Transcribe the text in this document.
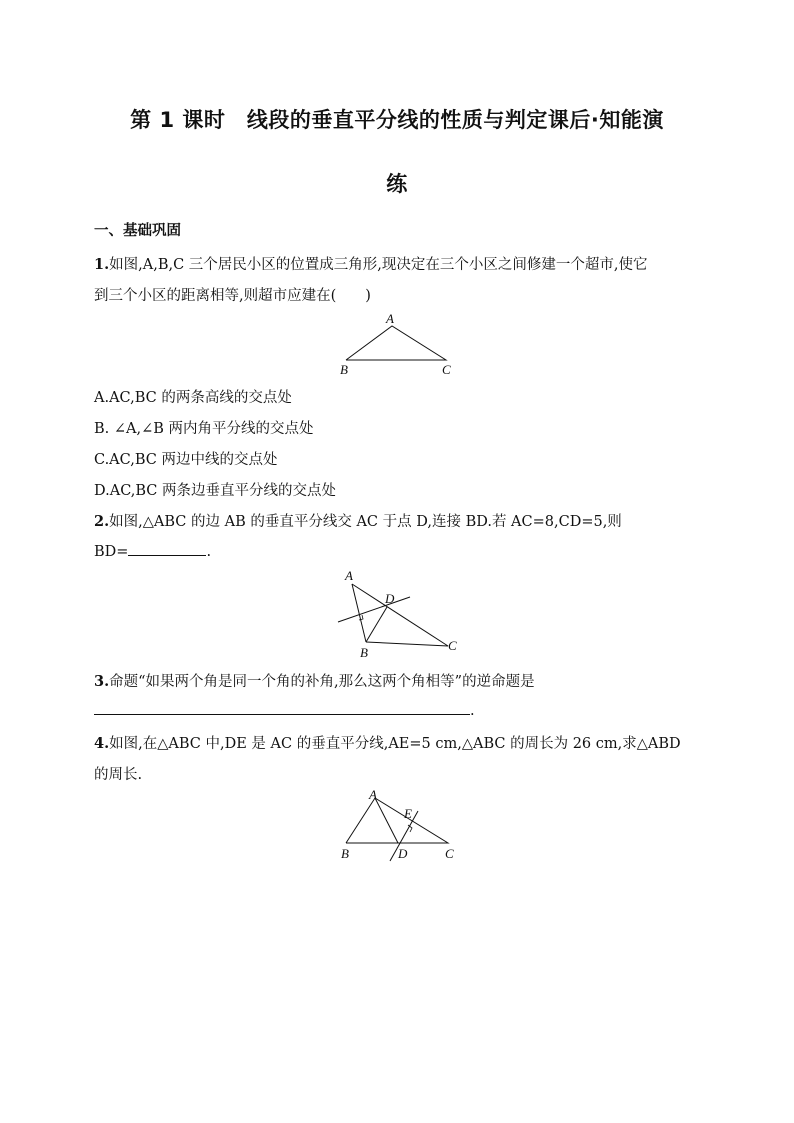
第 1 课时　线段的垂直平分线的性质与判定课后·知能演
练
一、基础巩固
1.如图,A,B,C 三个居民小区的位置成三角形,现决定在三个小区之间修建一个超市,使它
到三个小区的距离相等,则超市应建在(　　)
A
B	C
A.AC,BC 的两条高线的交点处
B. ∠A,∠B 两内角平分线的交点处
C.AC,BC 两边中线的交点处
D.AC,BC 两条边垂直平分线的交点处
2.如图,△ABC 的边 AB 的垂直平分线交 AC 于点 D,连接 BD.若 AC=8,CD=5,则
BD=	.
A
B	C
D
3.命题“如果两个角是同一个角的补角,那么这两个角相等”的逆命题是
.
4.如图,在△ABC 中,DE 是 AC 的垂直平分线,AE=5 cm,△ABC 的周长为 26 cm,求△ABD
的周长.
A
B	C
D
E
